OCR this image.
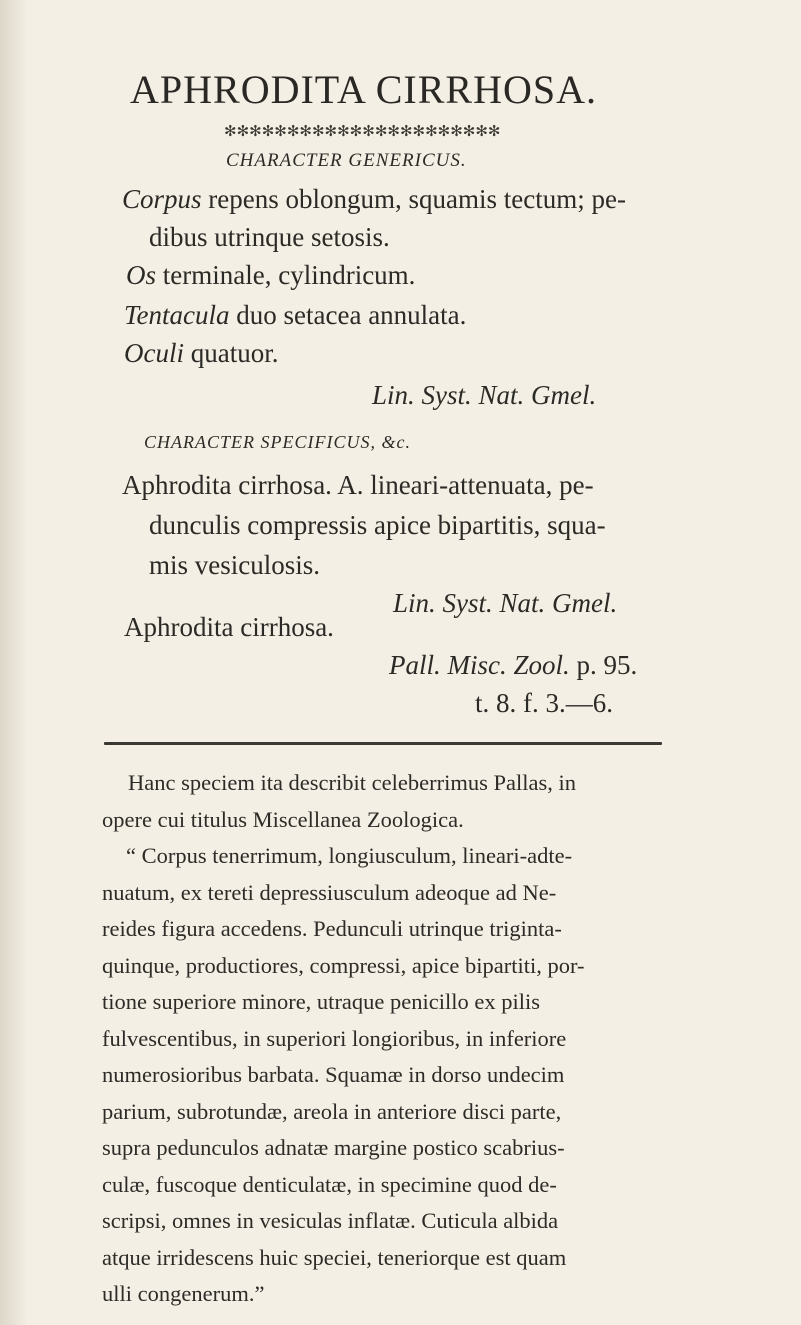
APHRODITA CIRRHOSA.
✻✻✻✻✻✻✻✻✻✻✻✻✻✻✻✻✻✻✻✻✻✻
CHARACTER GENERICUS.
Corpus repens oblongum, squamis tectum; pe-
dibus utrinque setosis.
Os terminale, cylindricum.
Tentacula duo setacea annulata.
Oculi quatuor.
Lin. Syst. Nat. Gmel.
CHARACTER SPECIFICUS, &c.
Aphrodita cirrhosa. A. lineari-attenuata, pe-
dunculis compressis apice bipartitis, squa-
mis vesiculosis.
Lin. Syst. Nat. Gmel.
Aphrodita cirrhosa.
Pall. Misc. Zool. p. 95.
t. 8. f. 3.—6.
Hanc speciem ita describit celeberrimus Pallas, in
opere cui titulus Miscellanea Zoologica.
“ Corpus tenerrimum, longiusculum, lineari-adte-
nuatum, ex tereti depressiusculum adeoque ad Ne-
reides figura accedens. Pedunculi utrinque triginta-
quinque, productiores, compressi, apice bipartiti, por-
tione superiore minore, utraque penicillo ex pilis
fulvescentibus, in superiori longioribus, in inferiore
numerosioribus barbata. Squamæ in dorso undecim
parium, subrotundæ, areola in anteriore disci parte,
supra pedunculos adnatæ margine postico scabrius-
culæ, fuscoque denticulatæ, in specimine quod de-
scripsi, omnes in vesiculas inflatæ. Cuticula albida
atque irridescens huic speciei, teneriorque est quam
ulli congenerum.”
